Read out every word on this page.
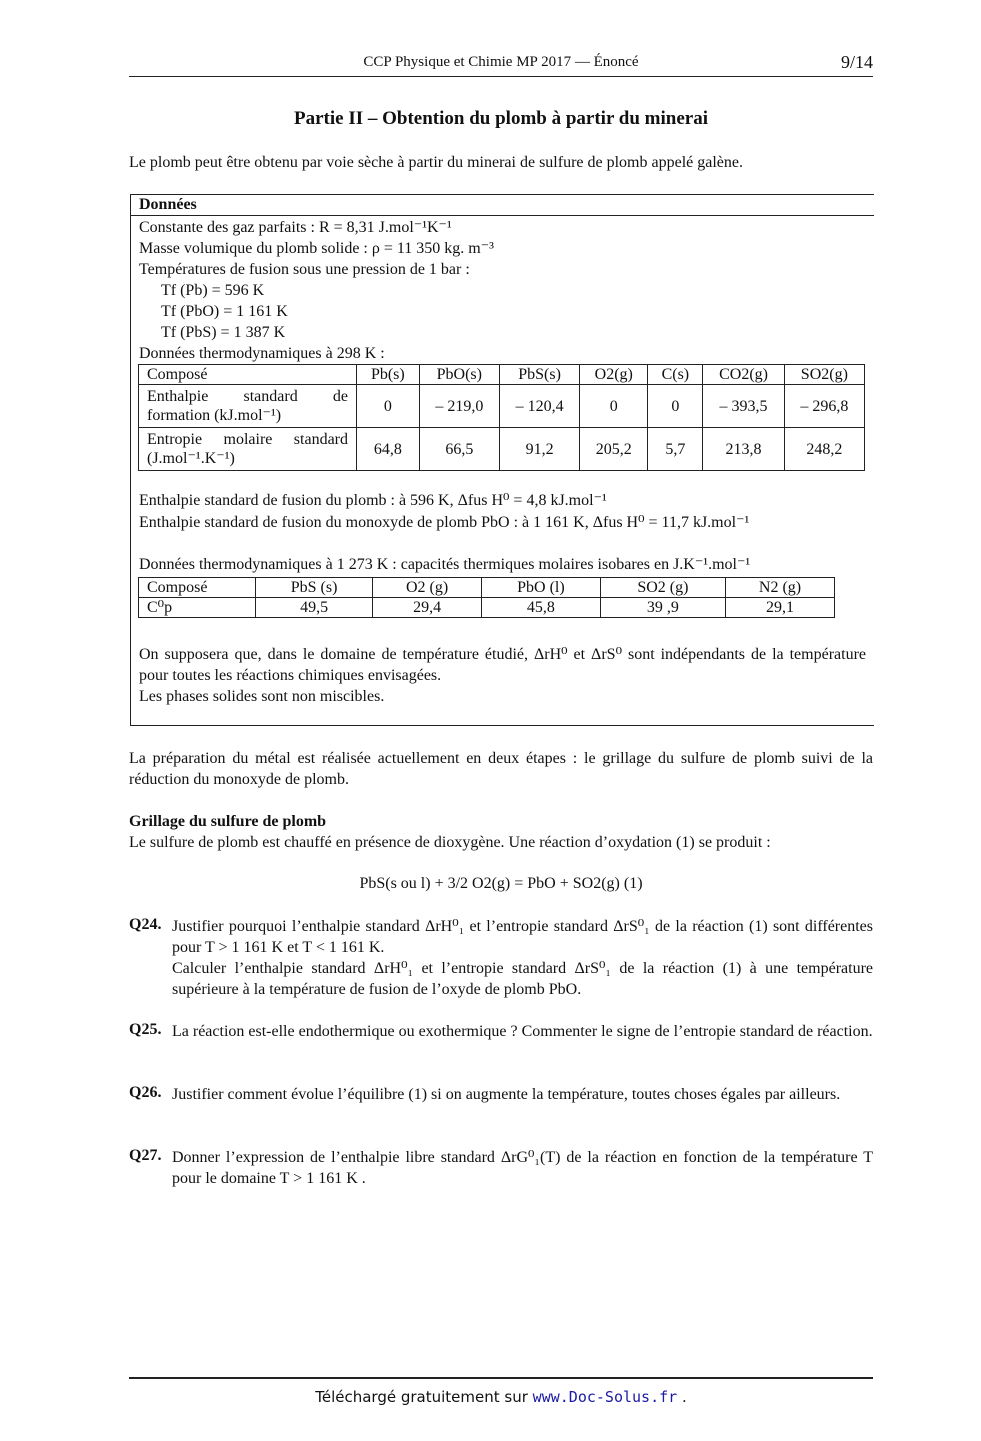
CCP Physique et Chimie MP 2017 — Énoncé	9/14
Partie II – Obtention du plomb à partir du minerai
Le plomb peut être obtenu par voie sèche à partir du minerai de sulfure de plomb appelé galène.
Données
Constante des gaz parfaits : R = 8,31 J.mol⁻¹K⁻¹
Masse volumique du plomb solide : ρ = 11 350 kg. m⁻³
Températures de fusion sous une pression de 1 bar :
Tf (Pb) = 596 K
Tf (PbO) = 1 161 K
Tf (PbS) = 1 387 K
Données thermodynamiques à 298 K :
Composé	Pb(s)	PbO(s)	PbS(s)	O2(g)	C(s)	CO2(g)	SO2(g)
Enthalpie standard de formation (kJ.mol⁻¹)	0	– 219,0	– 120,4	0	0	– 393,5	– 296,8
Entropie molaire standard (J.mol⁻¹.K⁻¹)	64,8	66,5	91,2	205,2	5,7	213,8	248,2
Enthalpie standard de fusion du plomb : à 596 K, Δfus H⁰ = 4,8 kJ.mol⁻¹
Enthalpie standard de fusion du monoxyde de plomb PbO : à 1 161 K, Δfus H⁰ = 11,7 kJ.mol⁻¹
Données thermodynamiques à 1 273 K : capacités thermiques molaires isobares en J.K⁻¹.mol⁻¹
Composé	PbS (s)	O2 (g)	PbO (l)	SO2 (g)	N2 (g)
C⁰p	49,5	29,4	45,8	39 ,9	29,1
On supposera que, dans le domaine de température étudié, ΔrH⁰ et ΔrS⁰ sont indépendants de la température pour toutes les réactions chimiques envisagées.
Les phases solides sont non miscibles.
La préparation du métal est réalisée actuellement en deux étapes : le grillage du sulfure de plomb suivi de la réduction du monoxyde de plomb.
Grillage du sulfure de plomb
Le sulfure de plomb est chauffé en présence de dioxygène. Une réaction d’oxydation (1) se produit :
PbS(s ou l) + 3/2 O2(g) = PbO + SO2(g) (1)
Q24. Justifier pourquoi l’enthalpie standard ΔrH⁰₁ et l’entropie standard ΔrS⁰₁ de la réaction (1) sont différentes pour T > 1 161 K et T < 1 161 K.
Calculer l’enthalpie standard ΔrH⁰₁ et l’entropie standard ΔrS⁰₁ de la réaction (1) à une température supérieure à la température de fusion de l’oxyde de plomb PbO.
Q25. La réaction est-elle endothermique ou exothermique ? Commenter le signe de l’entropie standard de réaction.
Q26. Justifier comment évolue l’équilibre (1) si on augmente la température, toutes choses égales par ailleurs.
Q27. Donner l’expression de l’enthalpie libre standard ΔrG⁰₁(T) de la réaction en fonction de la température T pour le domaine T > 1 161 K .
Téléchargé gratuitement sur www.Doc-Solus.fr .
